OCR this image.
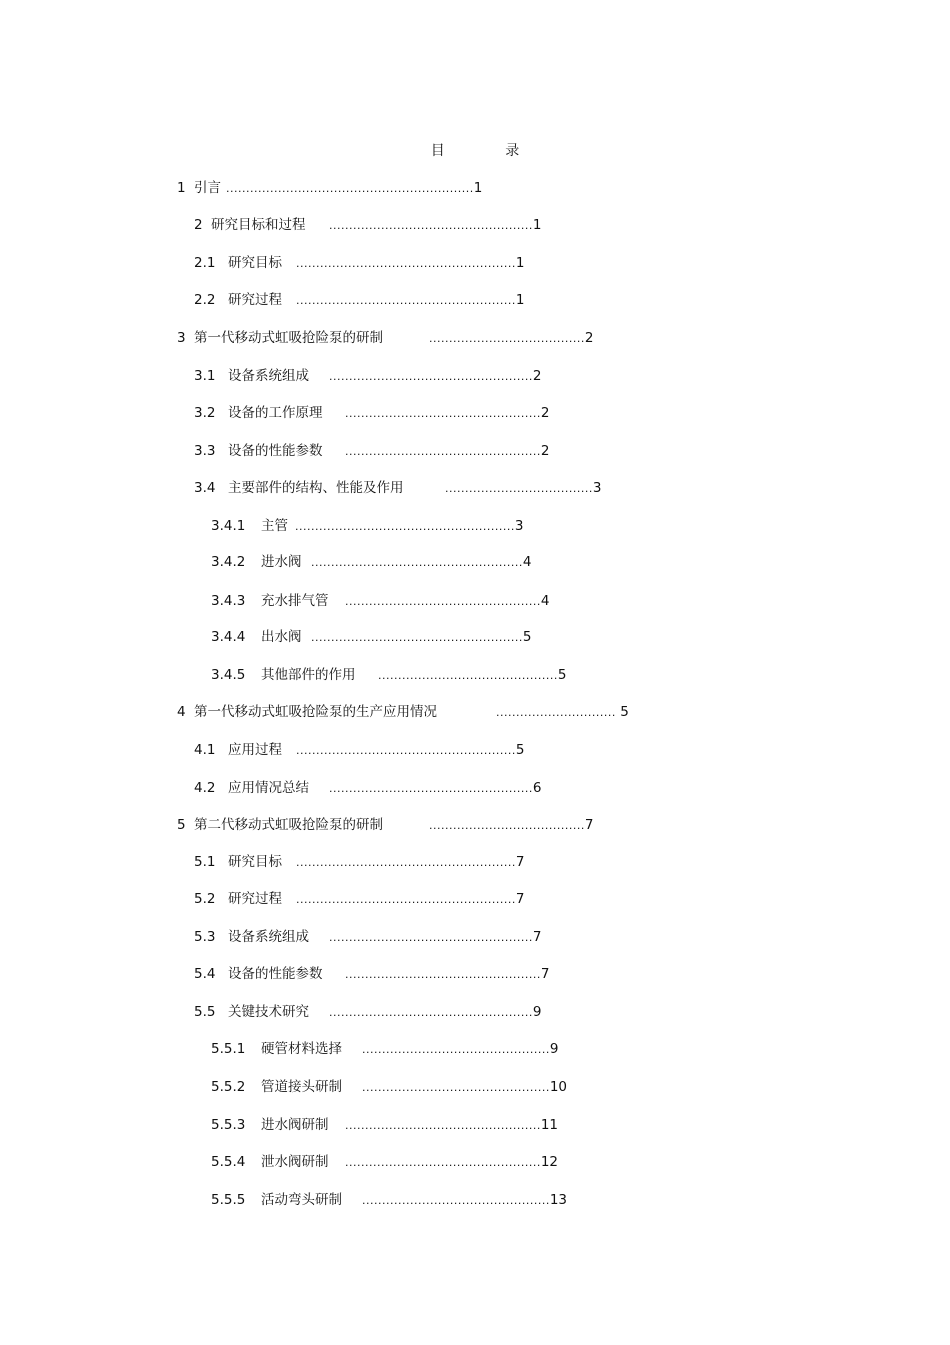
目 录
1 引言 ..............................................................1
2 研究目标和过程 ...................................................1
2.1 研究目标 .......................................................1
2.2 研究过程 .......................................................1
3 第一代移动式虹吸抢险泵的研制	.......................................2
3.1 设备系统组成 ...................................................2
3.2 设备的工作原理 .................................................2
3.3 设备的性能参数 .................................................2
3.4 主要部件的结构、性能及作用	.....................................3
3.4.1 主管 .......................................................3
3.4.2 进水阀 .....................................................4
3.4.3 充水排气管 .................................................4
3.4.4 出水阀 .....................................................5
3.4.5 其他部件的作用 .............................................5
4 第一代移动式虹吸抢险泵的生产应用情况	.............................. 5
4.1 应用过程 .......................................................5
4.2 应用情况总结 ...................................................6
5 第二代移动式虹吸抢险泵的研制	.......................................7
5.1 研究目标 .......................................................7
5.2 研究过程 .......................................................7
5.3 设备系统组成 ...................................................7
5.4 设备的性能参数 .................................................7
5.5 关键技术研究 ...................................................9
5.5.1 硬管材料选择 ...............................................9
5.5.2 管道接头研制 ...............................................10
5.5.3 进水阀研制 .................................................11
5.5.4 泄水阀研制 .................................................12
5.5.5 活动弯头研制 ...............................................13
